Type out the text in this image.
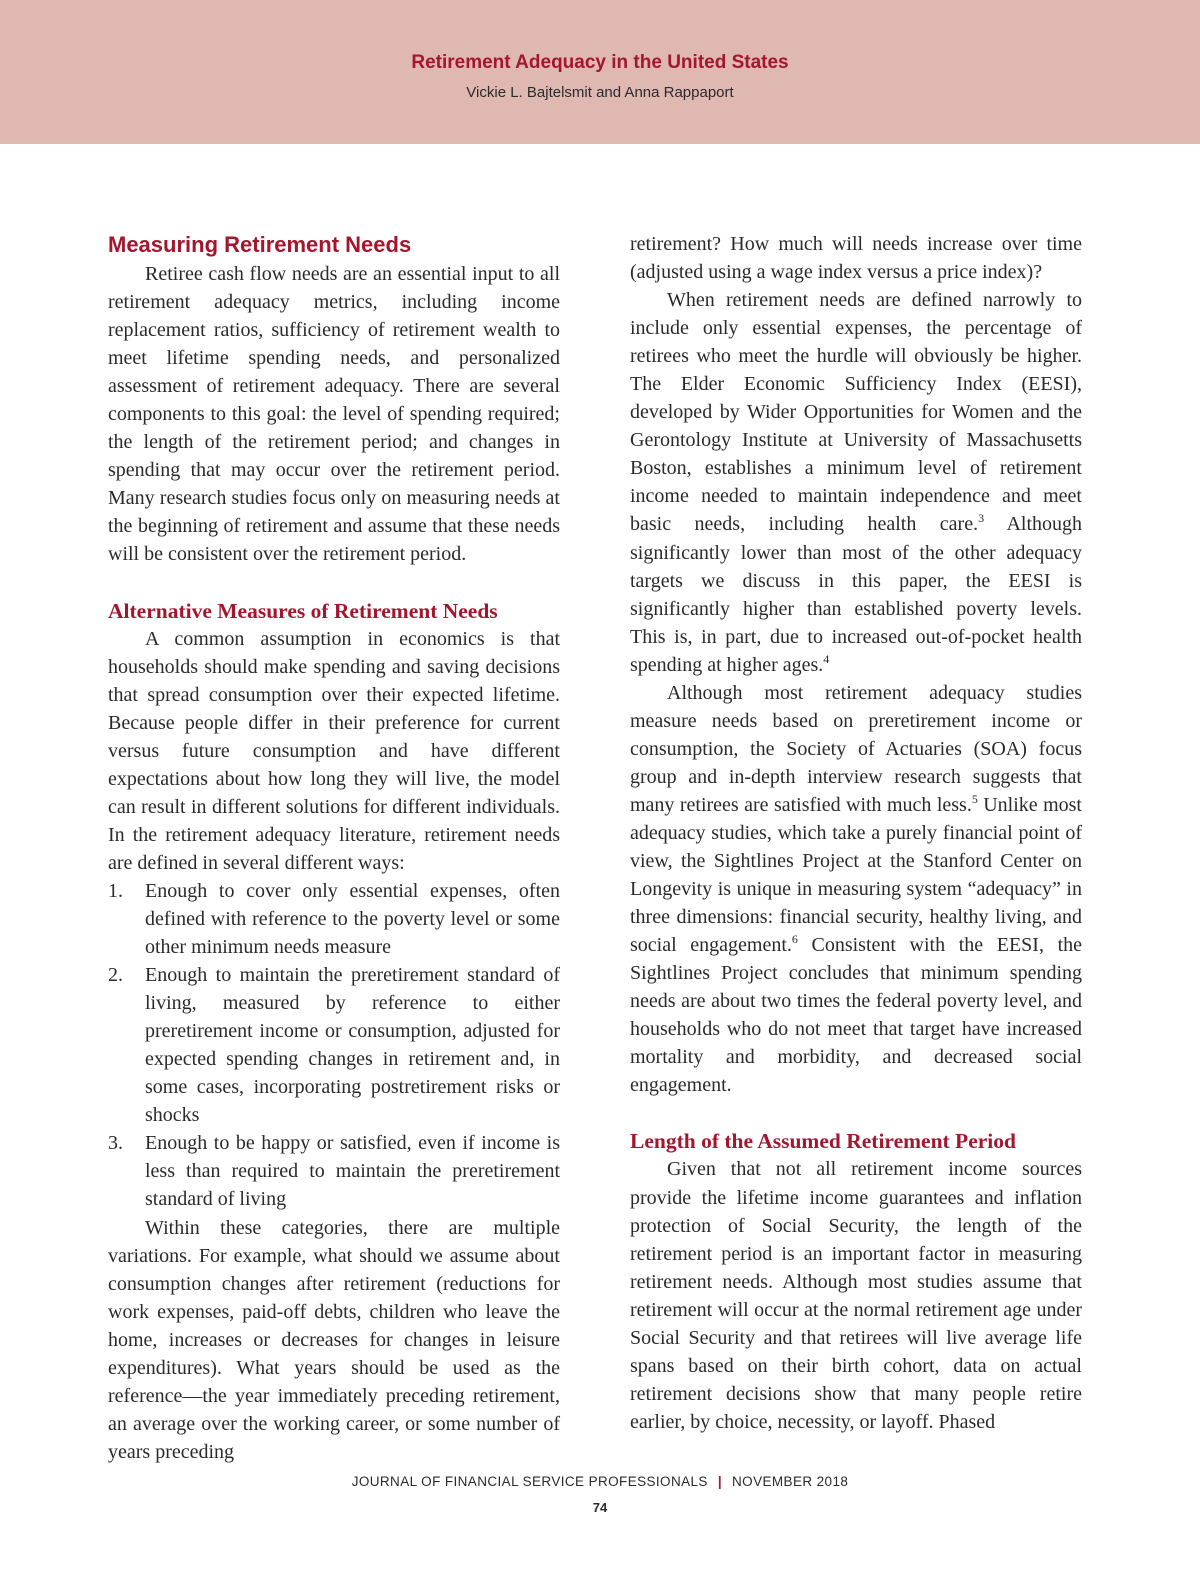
Retirement Adequacy in the United States
Vickie L. Bajtelsmit and Anna Rappaport
Measuring Retirement Needs

Retiree cash flow needs are an essential input to all retirement adequacy metrics, including income replacement ratios, sufficiency of retirement wealth to meet lifetime spending needs, and personalized assessment of retirement adequacy. There are several components to this goal: the level of spending required; the length of the retirement period; and changes in spending that may occur over the retirement period. Many research studies focus only on measuring needs at the beginning of retirement and assume that these needs will be consistent over the retirement period.

Alternative Measures of Retirement Needs

A common assumption in economics is that households should make spending and saving decisions that spread consumption over their expected lifetime. Because people differ in their preference for current versus future consumption and have different expectations about how long they will live, the model can result in different solutions for different individuals. In the retirement adequacy literature, retirement needs are defined in several different ways:

1. Enough to cover only essential expenses, often defined with reference to the poverty level or some other minimum needs measure
2. Enough to maintain the preretirement standard of living, measured by reference to either preretirement income or consumption, adjusted for expected spending changes in retirement and, in some cases, incorporating postretirement risks or shocks
3. Enough to be happy or satisfied, even if income is less than required to maintain the preretirement standard of living

Within these categories, there are multiple variations. For example, what should we assume about consumption changes after retirement (reductions for work expenses, paid-off debts, children who leave the home, increases or decreases for changes in leisure expenditures). What years should be used as the reference—the year immediately preceding retirement, an average over the working career, or some number of years preceding

retirement? How much will needs increase over time (adjusted using a wage index versus a price index)?

When retirement needs are defined narrowly to include only essential expenses, the percentage of retirees who meet the hurdle will obviously be higher. The Elder Economic Sufficiency Index (EESI), developed by Wider Opportunities for Women and the Gerontology Institute at University of Massachusetts Boston, establishes a minimum level of retirement income needed to maintain independence and meet basic needs, including health care.$^3$ Although significantly lower than most of the other adequacy targets we discuss in this paper, the EESI is significantly higher than established poverty levels. This is, in part, due to increased out-of-pocket health spending at higher ages.$^4$

Although most retirement adequacy studies measure needs based on preretirement income or consumption, the Society of Actuaries (SOA) focus group and in-depth interview research suggests that many retirees are satisfied with much less.$^5$ Unlike most adequacy studies, which take a purely financial point of view, the Sightlines Project at the Stanford Center on Longevity is unique in measuring system “adequacy” in three dimensions: financial security, healthy living, and social engagement.$^6$ Consistent with the EESI, the Sightlines Project concludes that minimum spending needs are about two times the federal poverty level, and households who do not meet that target have increased mortality and morbidity, and decreased social engagement.

Length of the Assumed Retirement Period

Given that not all retirement income sources provide the lifetime income guarantees and inflation protection of Social Security, the length of the retirement period is an important factor in measuring retirement needs. Although most studies assume that retirement will occur at the normal retirement age under Social Security and that retirees will live average life spans based on their birth cohort, data on actual retirement decisions show that many people retire earlier, by choice, necessity, or layoff. Phased

JOURNAL OF FINANCIAL SERVICE PROFESSIONALS | NOVEMBER 2018
74
